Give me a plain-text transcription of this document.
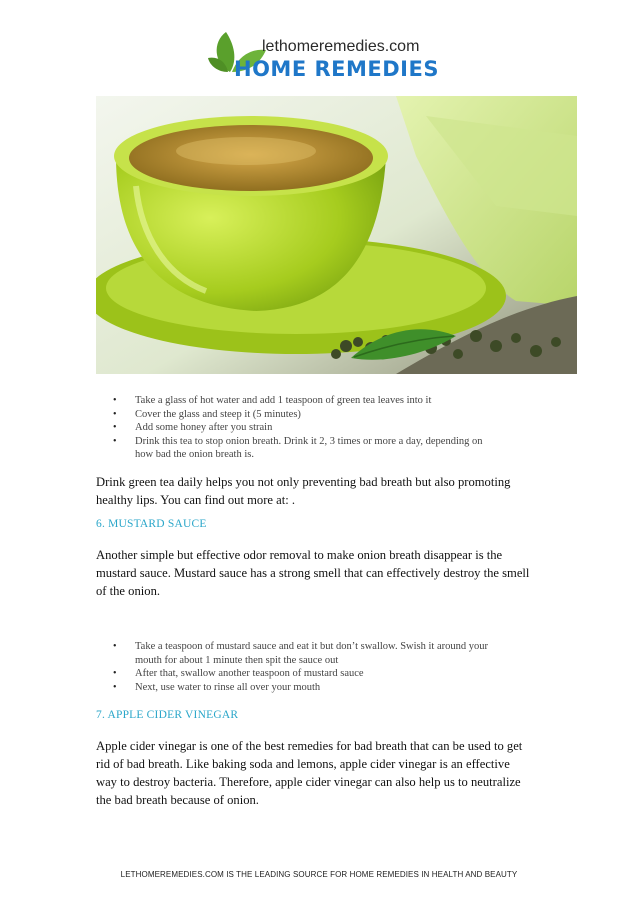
lethomeremedies.com
HOME REMEDIES
• Take a glass of hot water and add 1 teaspoon of green tea leaves into it
• Cover the glass and steep it (5 minutes)
• Add some honey after you strain
• Drink this tea to stop onion breath. Drink it 2, 3 times or more a day, depending on
how bad the onion breath is.

Drink green tea daily helps you not only preventing bad breath but also promoting
healthy lips. You can find out more at: .

6. MUSTARD SAUCE

Another simple but effective odor removal to make onion breath disappear is the
mustard sauce. Mustard sauce has a strong smell that can effectively destroy the smell
of the onion.

• Take a teaspoon of mustard sauce and eat it but don’t swallow. Swish it around your
mouth for about 1 minute then spit the sauce out
• After that, swallow another teaspoon of mustard sauce
• Next, use water to rinse all over your mouth

7. APPLE CIDER VINEGAR

Apple cider vinegar is one of the best remedies for bad breath that can be used to get
rid of bad breath. Like baking soda and lemons, apple cider vinegar is an effective
way to destroy bacteria. Therefore, apple cider vinegar can also help us to neutralize
the bad breath because of onion.

LETHOMEREMEDIES.COM IS THE LEADING SOURCE FOR HOME REMEDIES IN HEALTH AND BEAUTY
